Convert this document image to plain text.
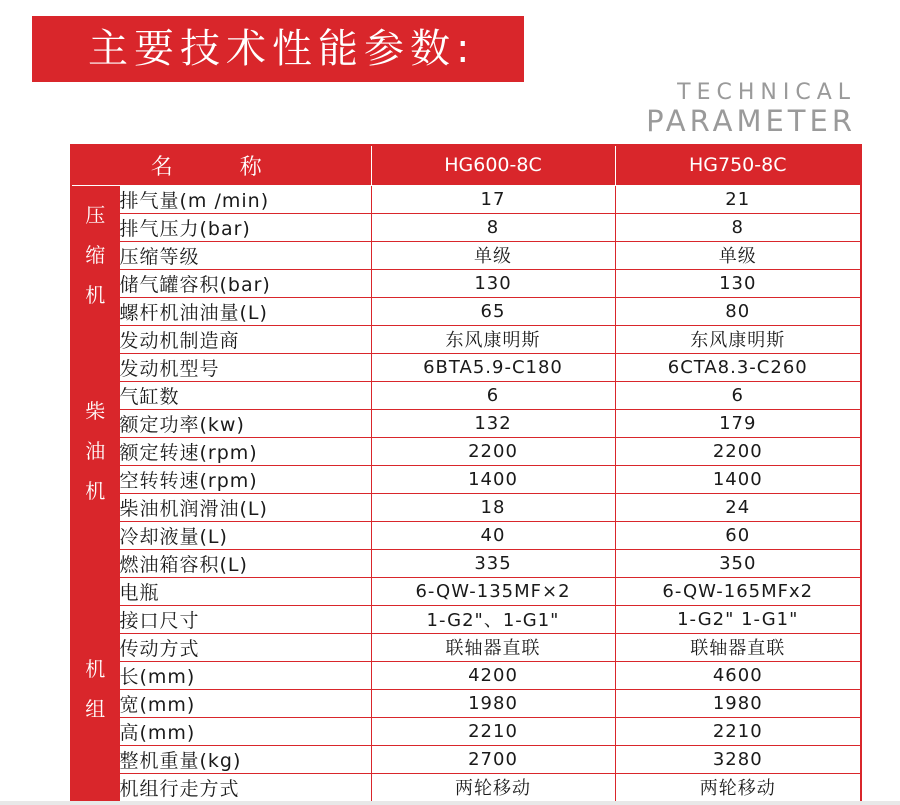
主要技术性能参数:
TECHNICAL
PARAMETER
名 称		HG600-8C	HG750-8C

压
缩
机	排气量(m /min)	17	21
	排气压力(bar)	8	8
	压缩等级	单级	单级
	储气罐容积(bar)	130	130
	螺杆机油油量(L)	65	80

柴
油
机	发动机制造商	东风康明斯	东风康明斯
	发动机型号	6BTA5.9-C180	6CTA8.3-C260
	气缸数	6	6
	额定功率(kw)	132	179
	额定转速(rpm)	2200	2200
	空转转速(rpm)	1400	1400
	柴油机润滑油(L)	18	24
	冷却液量(L)	40	60
	燃油箱容积(L)	335	350

机
组	电瓶	6-QW-135MF×2	6-QW-165MFx2
	接口尺寸	1-G2"、1-G1"	1-G2" 1-G1"
	传动方式	联轴器直联	联轴器直联
	长(mm)	4200	4600
	宽(mm)	1980	1980
	高(mm)	2210	2210
	整机重量(kg)	2700	3280
	机组行走方式	两轮移动	两轮移动
